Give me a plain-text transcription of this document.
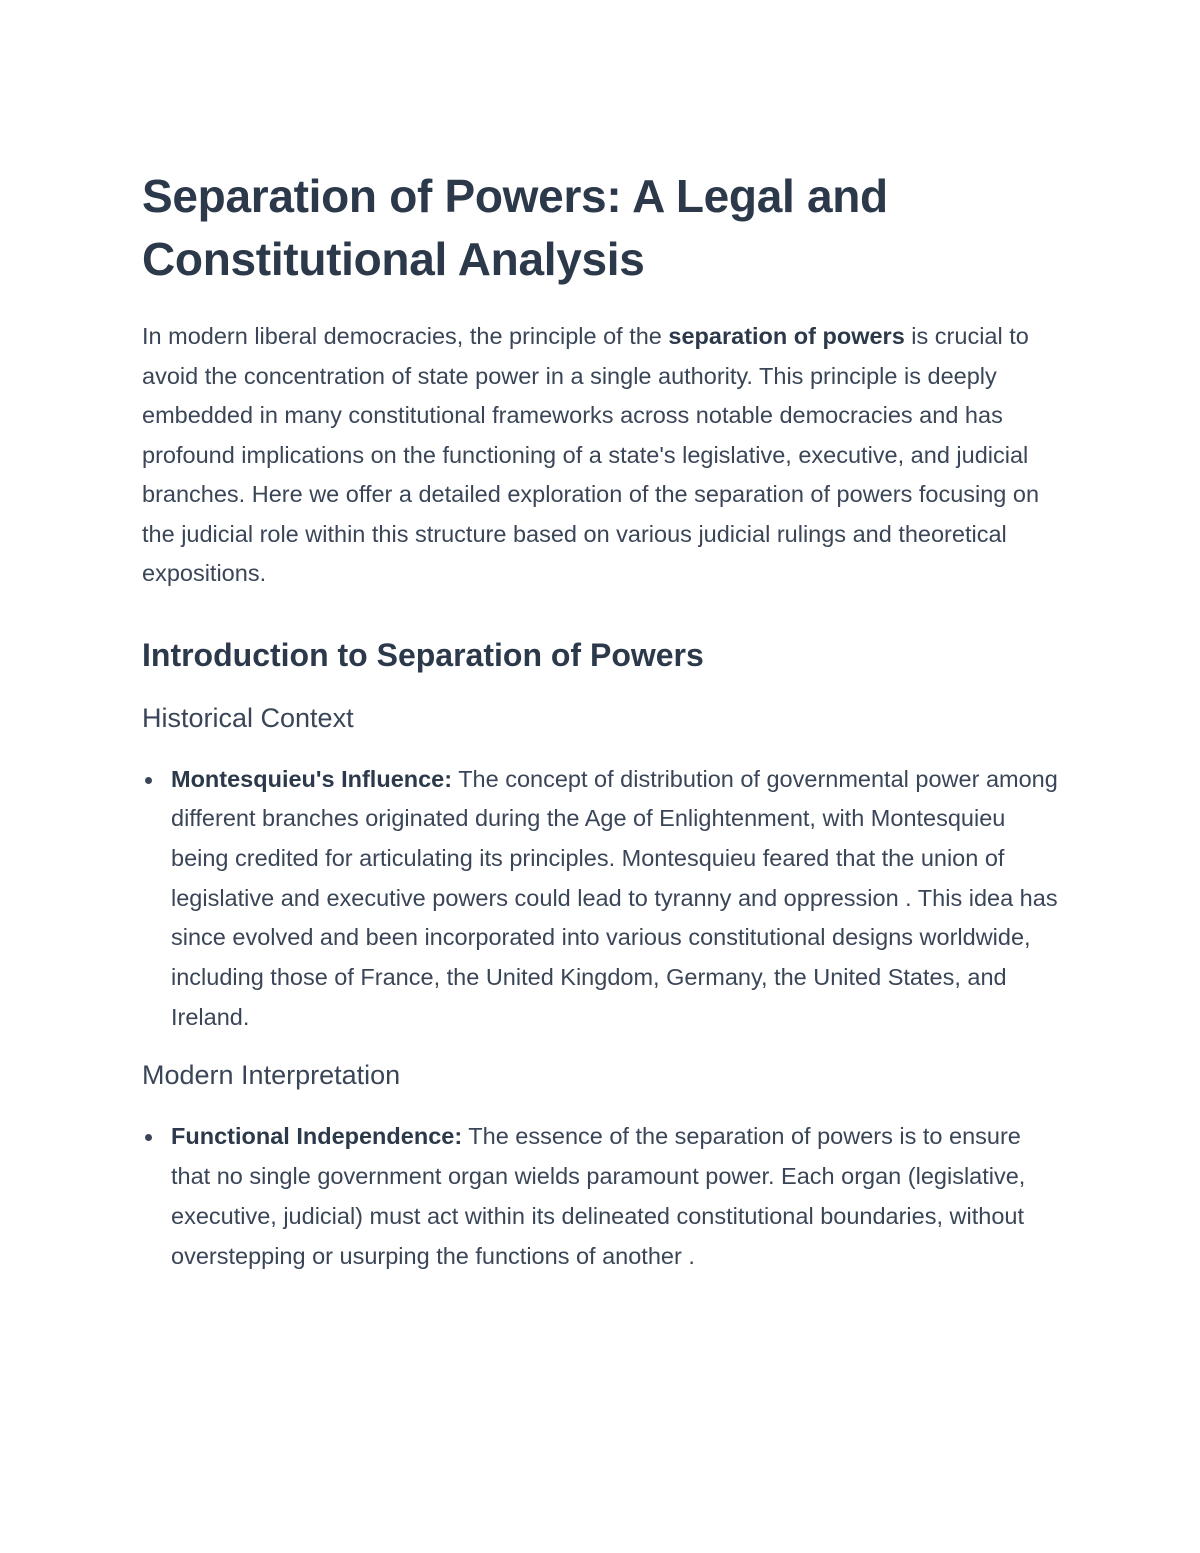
Separation of Powers: A Legal and Constitutional Analysis

In modern liberal democracies, the principle of the separation of powers is crucial to avoid the concentration of state power in a single authority. This principle is deeply embedded in many constitutional frameworks across notable democracies and has profound implications on the functioning of a state's legislative, executive, and judicial branches. Here we offer a detailed exploration of the separation of powers focusing on the judicial role within this structure based on various judicial rulings and theoretical expositions.

Introduction to Separation of Powers
Historical Context
Montesquieu's Influence: The concept of distribution of governmental power among different branches originated during the Age of Enlightenment, with Montesquieu being credited for articulating its principles. Montesquieu feared that the union of legislative and executive powers could lead to tyranny and oppression . This idea has since evolved and been incorporated into various constitutional designs worldwide, including those of France, the United Kingdom, Germany, the United States, and Ireland.
Modern Interpretation
Functional Independence: The essence of the separation of powers is to ensure that no single government organ wields paramount power. Each organ (legislative, executive, judicial) must act within its delineated constitutional boundaries, without overstepping or usurping the functions of another .
